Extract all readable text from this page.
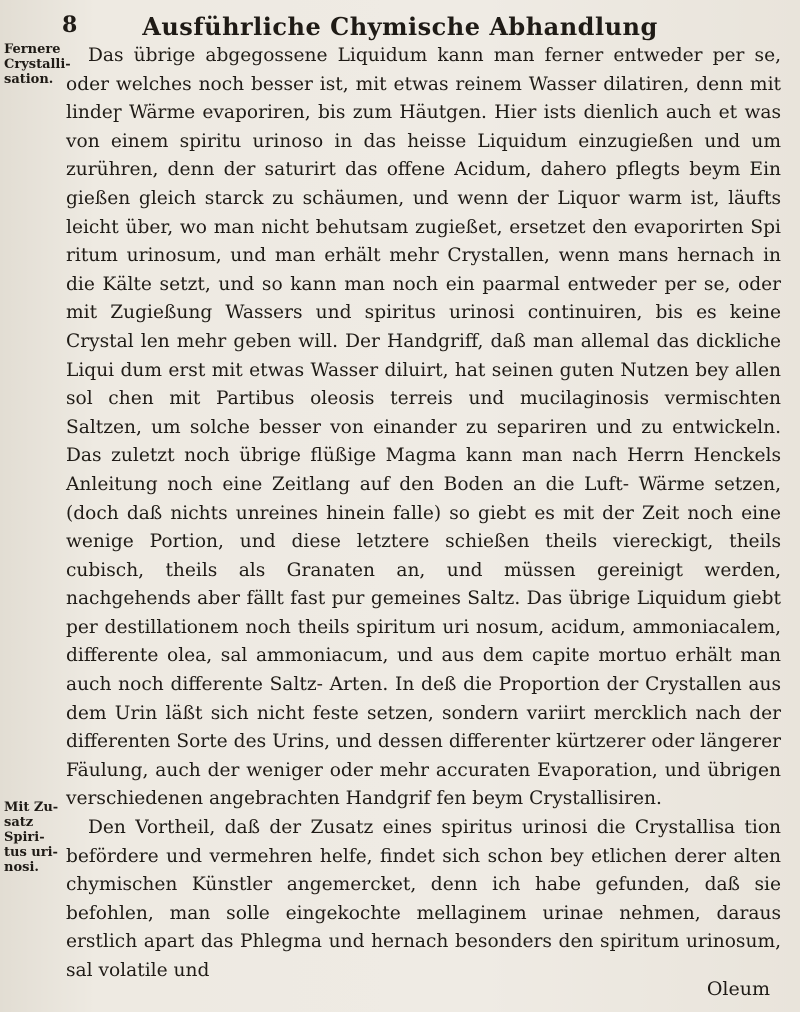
8	Ausführliche Chymische Abhandlung
Fernere Crystalli-sation.
Mit Zu-satz Spiri-tus uri-nosi.

Das übrige abgegossene Liquidum kann man ferner entweder per se, oder welches noch besser ist, mit etwas reinem Wasser dilatiren, denn mit lindeɼ Wärme evaporiren, bis zum Häutgen. Hier ists dienlich auch et was von einem spiritu urinoso in das heisse Liquidum einzugießen und um zurühren, denn der saturirt das offene Acidum, dahero pflegts beym Ein gießen gleich starck zu schäumen, und wenn der Liquor warm ist, läufts leicht über, wo man nicht behutsam zugießet, ersetzet den evaporirten Spi ritum urinosum, und man erhält mehr Crystallen, wenn mans hernach in die Kälte setzt, und so kann man noch ein paarmal entweder per se, oder mit Zugießung Wassers und spiritus urinosi continuiren, bis es keine Crystal len mehr geben will. Der Handgriff, daß man allemal das dickliche Liqui dum erst mit etwas Wasser diluirt, hat seinen guten Nutzen bey allen sol chen mit Partibus oleosis terreis und mucilaginosis vermischten Saltzen, um solche besser von einander zu separiren und zu entwickeln. Das zuletzt noch übrige flüßige Magma kann man nach Herrn Henckels Anleitung noch eine Zeitlang auf den Boden an die Luft- Wärme setzen, (doch daß nichts unreines hinein falle) so giebt es mit der Zeit noch eine wenige Portion, und diese letztere schießen theils viereckigt, theils cubisch, theils als Granaten an, und müssen gereinigt werden, nachgehends aber fällt fast pur gemeines Saltz. Das übrige Liquidum giebt per destillationem noch theils spiritum uri nosum, acidum, ammoniacalem, differente olea, sal ammoniacum, und aus dem capite mortuo erhält man auch noch differente Saltz- Arten. In deß die Proportion der Crystallen aus dem Urin läßt sich nicht feste setzen, sondern variirt mercklich nach der differenten Sorte des Urins, und dessen differenter kürtzerer oder längerer Fäulung, auch der weniger oder mehr accuraten Evaporation, und übrigen verschiedenen angebrachten Handgrif fen beym Crystallisiren.

Den Vortheil, daß der Zusatz eines spiritus urinosi die Crystallisa tion befördere und vermehren helfe, findet sich schon bey etlichen derer alten chymischen Künstler angemercket, denn ich habe gefunden, daß sie befohlen, man solle eingekochte mellaginem urinae nehmen, daraus erstlich apart das Phlegma und hernach besonders den spiritum urinosum, sal volatile und

Oleum
